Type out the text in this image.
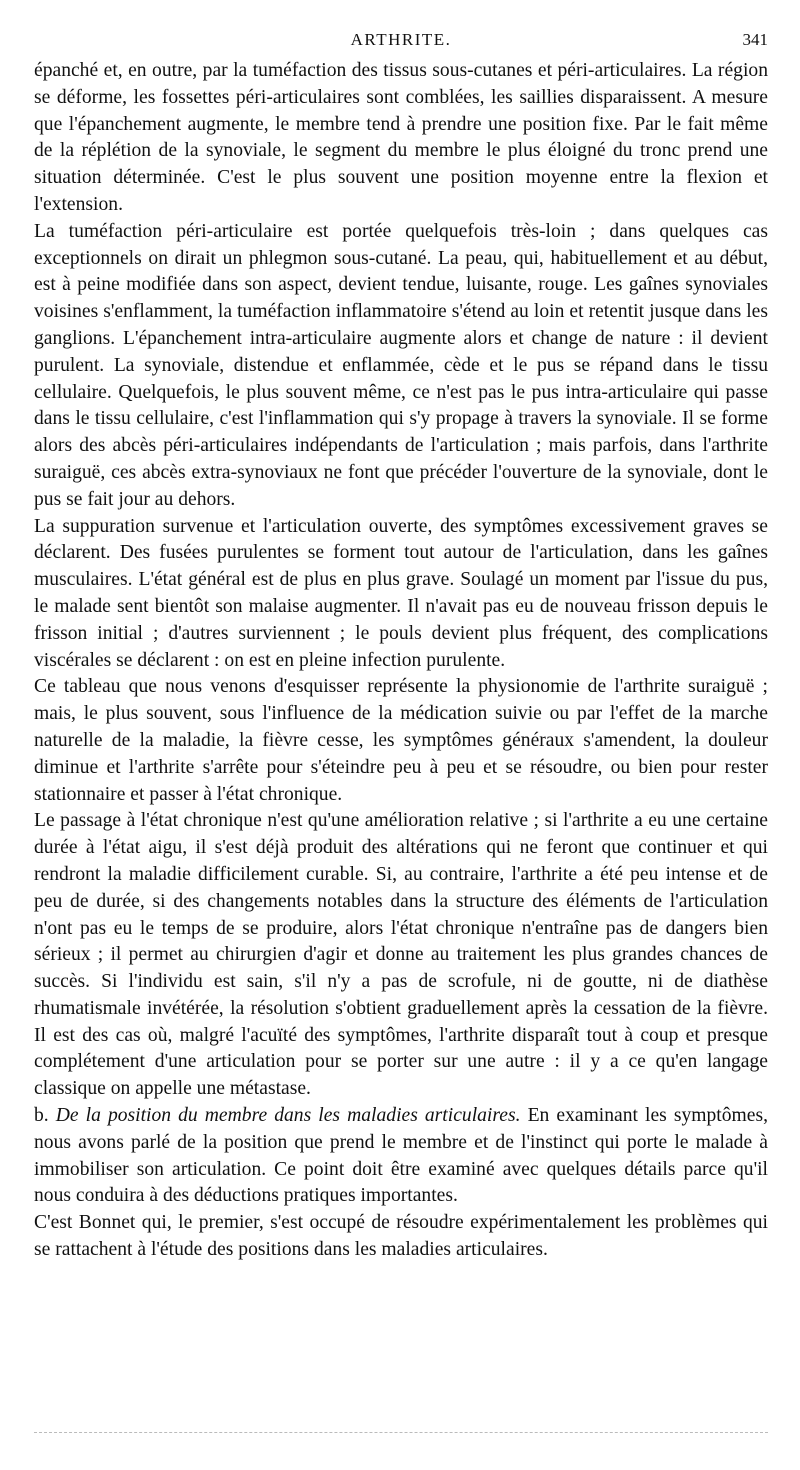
ARTHRITE.	341

épanché et, en outre, par la tuméfaction des tissus sous-cutanes et péri-articulaires. La région se déforme, les fossettes péri-articulaires sont comblées, les saillies disparaissent. A mesure que l'épanchement augmente, le membre tend à prendre une position fixe. Par le fait même de la réplétion de la synoviale, le segment du membre le plus éloigné du tronc prend une situation déterminée. C'est le plus souvent une position moyenne entre la flexion et l'extension.

La tuméfaction péri-articulaire est portée quelquefois très-loin ; dans quelques cas exceptionnels on dirait un phlegmon sous-cutané. La peau, qui, habituellement et au début, est à peine modifiée dans son aspect, devient tendue, luisante, rouge. Les gaînes synoviales voisines s'enflamment, la tuméfaction inflammatoire s'étend au loin et retentit jusque dans les ganglions. L'épanchement intra-articulaire augmente alors et change de nature : il devient purulent. La synoviale, distendue et enflammée, cède et le pus se répand dans le tissu cellulaire. Quelquefois, le plus souvent même, ce n'est pas le pus intra-articulaire qui passe dans le tissu cellulaire, c'est l'inflammation qui s'y propage à travers la synoviale. Il se forme alors des abcès péri-articulaires indépendants de l'articulation ; mais parfois, dans l'arthrite suraiguë, ces abcès extra-synoviaux ne font que précéder l'ouverture de la synoviale, dont le pus se fait jour au dehors.

La suppuration survenue et l'articulation ouverte, des symptômes excessivement graves se déclarent. Des fusées purulentes se forment tout autour de l'articulation, dans les gaînes musculaires. L'état général est de plus en plus grave. Soulagé un moment par l'issue du pus, le malade sent bientôt son malaise augmenter. Il n'avait pas eu de nouveau frisson depuis le frisson initial ; d'autres surviennent ; le pouls devient plus fréquent, des complications viscérales se déclarent : on est en pleine infection purulente.

Ce tableau que nous venons d'esquisser représente la physionomie de l'arthrite suraiguë ; mais, le plus souvent, sous l'influence de la médication suivie ou par l'effet de la marche naturelle de la maladie, la fièvre cesse, les symptômes généraux s'amendent, la douleur diminue et l'arthrite s'arrête pour s'éteindre peu à peu et se résoudre, ou bien pour rester stationnaire et passer à l'état chronique.

Le passage à l'état chronique n'est qu'une amélioration relative ; si l'arthrite a eu une certaine durée à l'état aigu, il s'est déjà produit des altérations qui ne feront que continuer et qui rendront la maladie difficilement curable. Si, au contraire, l'arthrite a été peu intense et de peu de durée, si des changements notables dans la structure des éléments de l'articulation n'ont pas eu le temps de se produire, alors l'état chronique n'entraîne pas de dangers bien sérieux ; il permet au chirurgien d'agir et donne au traitement les plus grandes chances de succès. Si l'individu est sain, s'il n'y a pas de scrofule, ni de goutte, ni de diathèse rhumatismale invétérée, la résolution s'obtient graduellement après la cessation de la fièvre. Il est des cas où, malgré l'acuïté des symptômes, l'arthrite disparaît tout à coup et presque complétement d'une articulation pour se porter sur une autre : il y a ce qu'en langage classique on appelle une métastase.

b. De la position du membre dans les maladies articulaires. En examinant les symptômes, nous avons parlé de la position que prend le membre et de l'instinct qui porte le malade à immobiliser son articulation. Ce point doit être examiné avec quelques détails parce qu'il nous conduira à des déductions pratiques importantes.

C'est Bonnet qui, le premier, s'est occupé de résoudre expérimentalement les problèmes qui se rattachent à l'étude des positions dans les maladies articulaires.
